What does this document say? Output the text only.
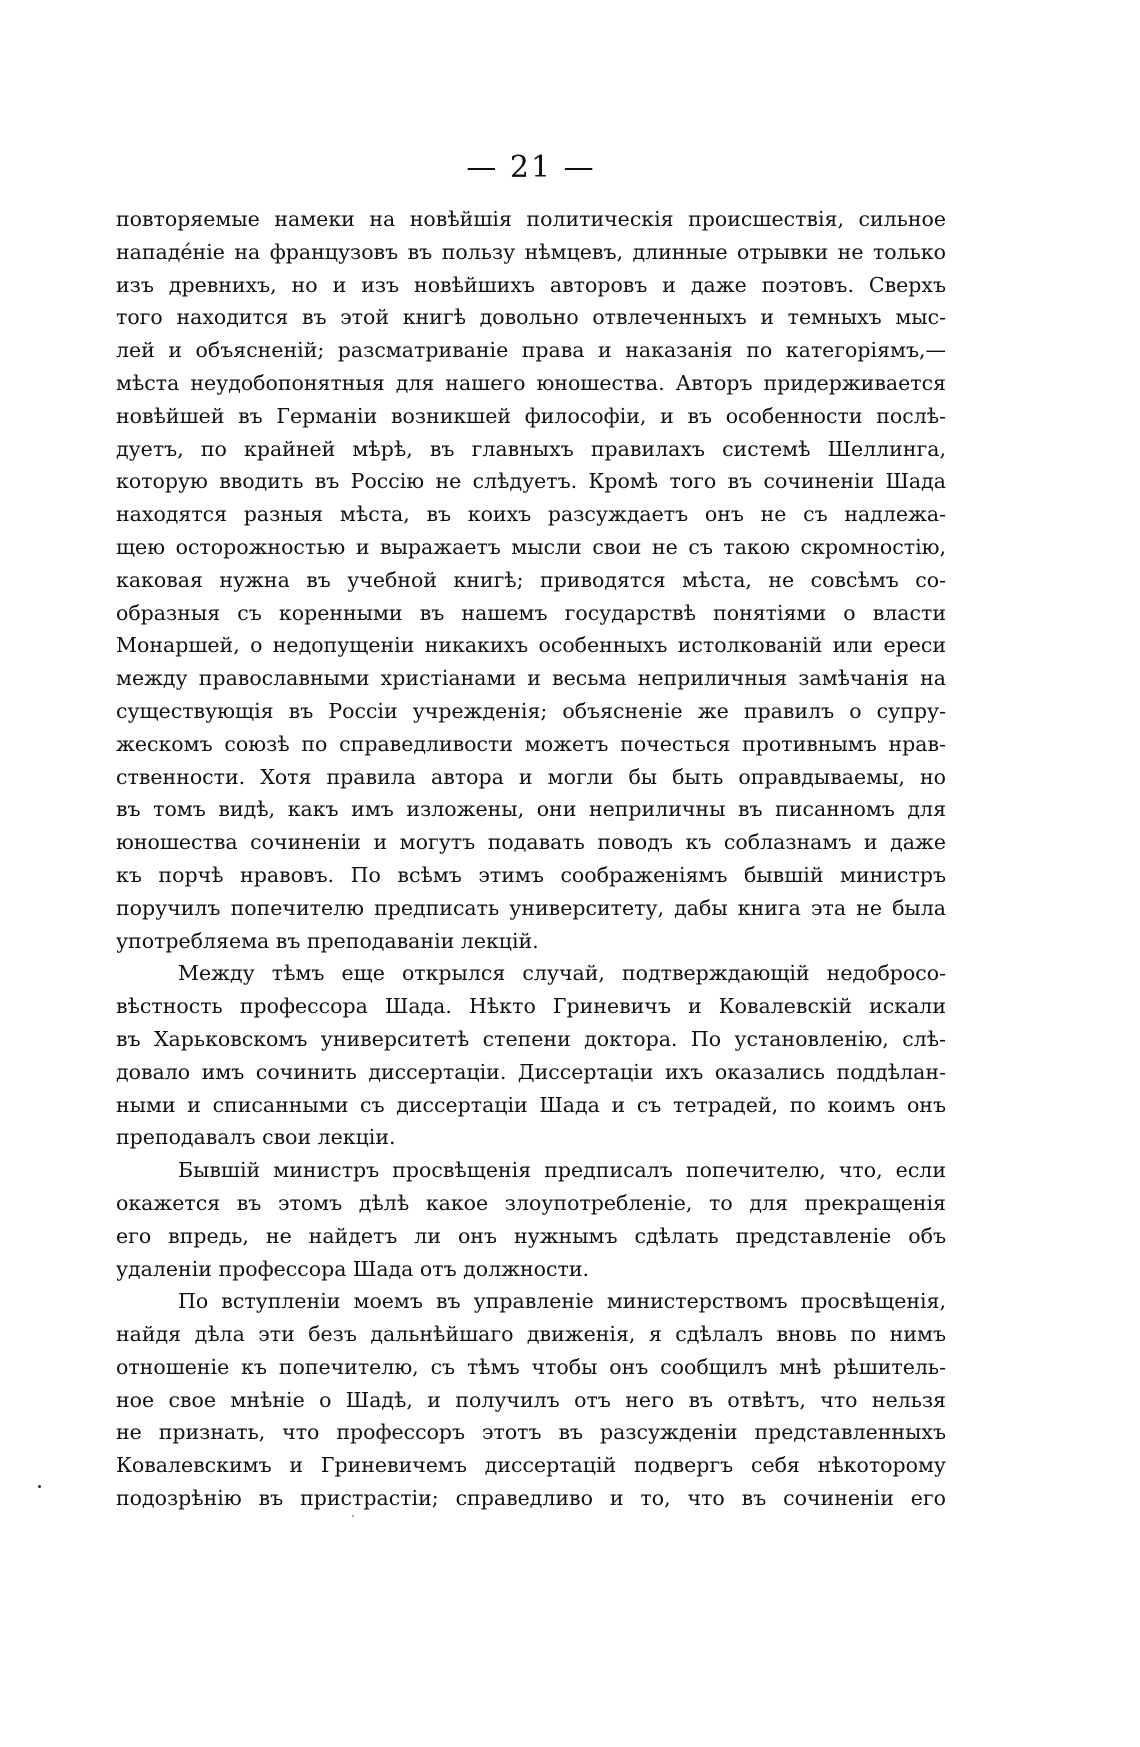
— 21 —
повторяемые намеки на новѣйшія политическія происшествія, сильное
нападе́ніе на французовъ въ пользу нѣмцевъ, длинные отрывки не только
изъ древнихъ, но и изъ новѣйшихъ авторовъ и даже поэтовъ. Сверхъ
того находится въ этой книгѣ довольно отвлеченныхъ и темныхъ мыс-
лей и объясненій; разсматриваніе права и наказанія по категоріямъ,—
мѣста неудобопонятныя для нашего юношества. Авторъ придерживается
новѣйшей въ Германіи возникшей философіи, и въ особенности послѣ-
дуетъ, по крайней мѣрѣ, въ главныхъ правилахъ системѣ Шеллинга,
которую вводить въ Россію не слѣдуетъ. Кромѣ того въ сочиненіи Шада
находятся разныя мѣста, въ коихъ разсуждаетъ онъ не съ надлежа-
щею осторожностью и выражаетъ мысли свои не съ такою скромностію,
каковая нужна въ учебной книгѣ; приводятся мѣста, не совсѣмъ со-
образныя съ коренными въ нашемъ государствѣ понятіями о власти
Монаршей, о недопущеніи никакихъ особенныхъ истолкованій или ереси
между православными христіанами и весьма неприличныя замѣчанія на
существующія въ Россіи учрежденія; объясненіе же правилъ о супру-
жескомъ союзѣ по справедливости можетъ почесться противнымъ нрав-
ственности. Хотя правила автора и могли бы быть оправдываемы, но
въ томъ видѣ, какъ имъ изложены, они неприличны въ писанномъ для
юношества сочиненіи и могутъ подавать поводъ къ соблазнамъ и даже
къ порчѣ нравовъ. По всѣмъ этимъ соображеніямъ бывшій министръ
поручилъ попечителю предписать университету, дабы книга эта не была
употребляема въ преподаваніи лекцій.
Между тѣмъ еще открылся случай, подтверждающій недобросо-
вѣстность профессора Шада. Нѣкто Гриневичъ и Ковалевскій искали
въ Харьковскомъ университетѣ степени доктора. По установленію, слѣ-
довало имъ сочинить диссертаціи. Диссертаціи ихъ оказались поддѣлан-
ными и списанными съ диссертаціи Шада и съ тетрадей, по коимъ онъ
преподавалъ свои лекціи.
Бывшій министръ просвѣщенія предписалъ попечителю, что, если
окажется въ этомъ дѣлѣ какое злоупотребленіе, то для прекращенія
его впредь, не найдетъ ли онъ нужнымъ сдѣлать представленіе объ
удаленіи профессора Шада отъ должности.
По вступленіи моемъ въ управленіе министерствомъ просвѣщенія,
найдя дѣла эти безъ дальнѣйшаго движенія, я сдѣлалъ вновь по нимъ
отношеніе къ попечителю, съ тѣмъ чтобы онъ сообщилъ мнѣ рѣшитель-
ное свое мнѣніе о Шадѣ, и получилъ отъ него въ отвѣтъ, что нельзя
не признать, что профессоръ этотъ въ разсужденіи представленныхъ
Ковалевскимъ и Гриневичемъ диссертацій подвергъ себя нѣкоторому
подозрѣнію въ пристрастіи; справедливо и то, что въ сочиненіи его
